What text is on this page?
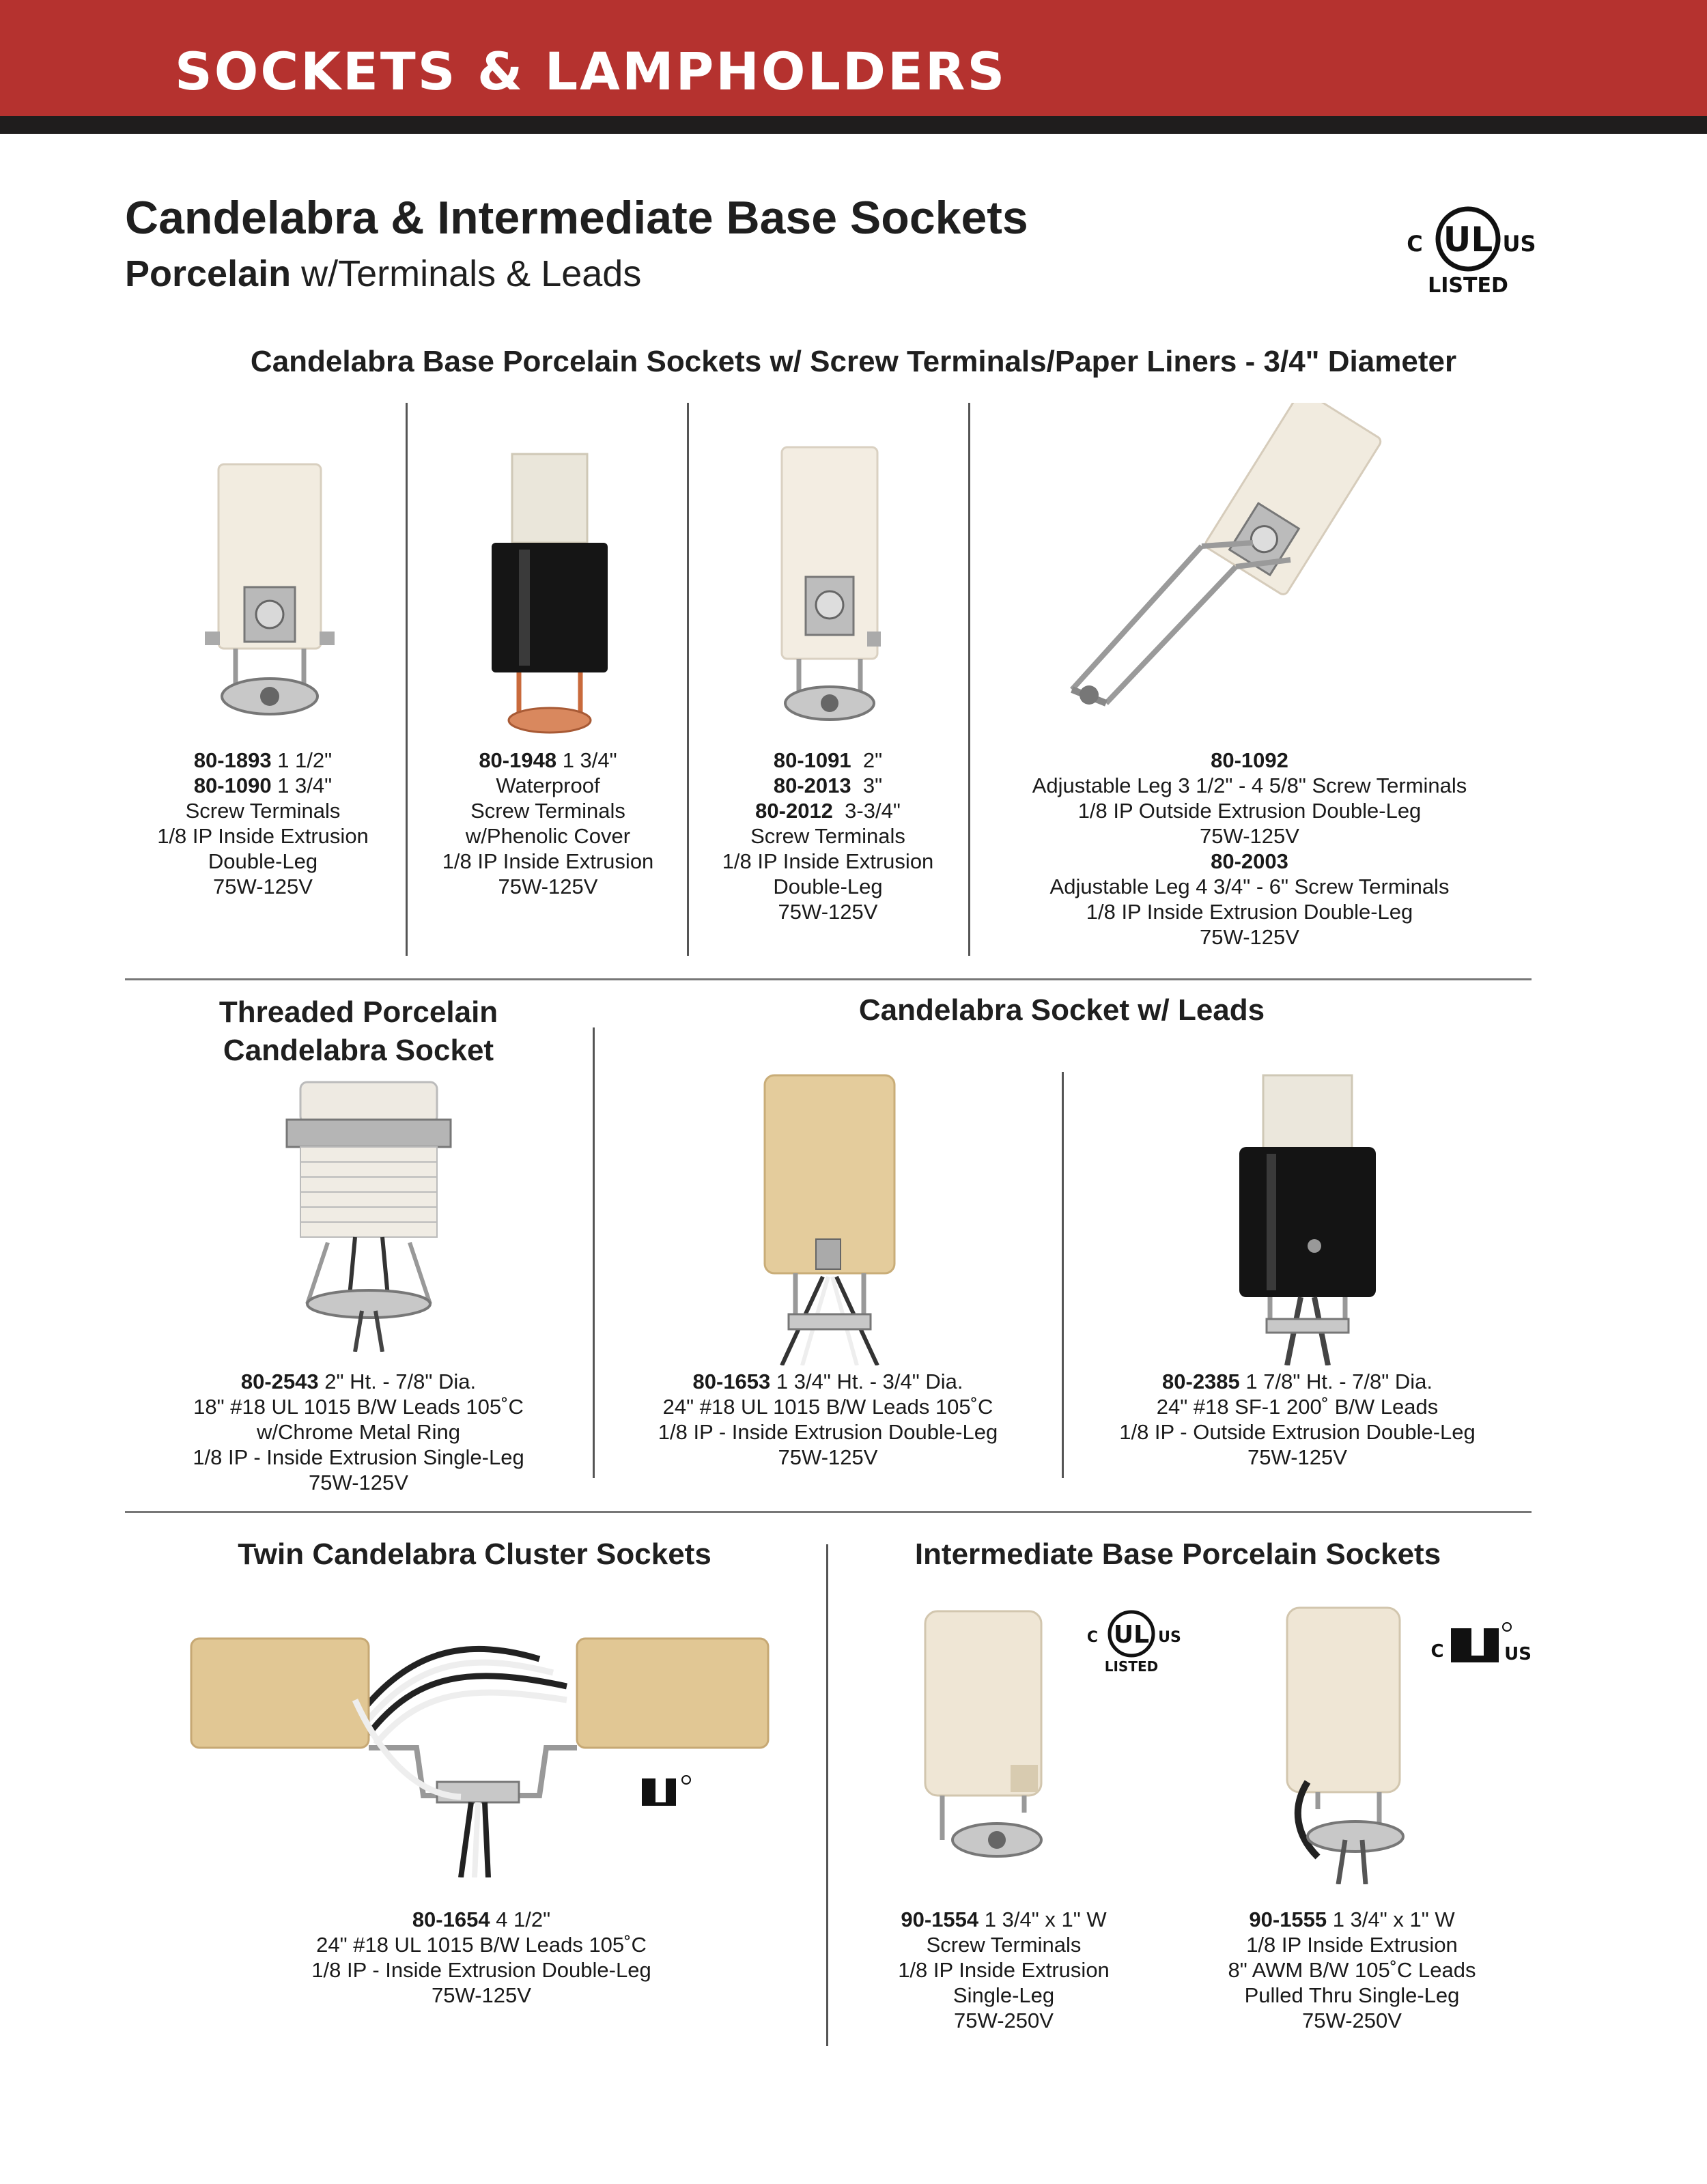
SOCKETS & LAMPHOLDERS
Candelabra & Intermediate Base Sockets
Porcelain w/Terminals & Leads
UL
C	US
LISTED
Candelabra Base Porcelain Sockets w/ Screw Terminals/Paper Liners - 3/4" Diameter
80-1893 1 1/2"
80-1090 1 3/4"
Screw Terminals
1/8 IP Inside Extrusion
Double-Leg
75W-125V
80-1948 1 3/4"
Waterproof
Screw Terminals
w/Phenolic Cover
1/8 IP Inside Extrusion
75W-125V
80-1091  2"
80-2013  3"
80-2012  3-3/4"
Screw Terminals
1/8 IP Inside Extrusion
Double-Leg
75W-125V
80-1092
Adjustable Leg 3 1/2" - 4 5/8" Screw Terminals
1/8 IP Outside Extrusion Double-Leg
75W-125V
80-2003
Adjustable Leg 4 3/4" - 6" Screw Terminals
1/8 IP Inside Extrusion Double-Leg
75W-125V
Threaded Porcelain
Candelabra Socket
Candelabra Socket w/ Leads
80-2543 2" Ht. - 7/8" Dia.
18" #18 UL 1015 B/W Leads 105˚C
w/Chrome Metal Ring
1/8 IP - Inside Extrusion Single-Leg
75W-125V
80-1653 1 3/4" Ht. - 3/4" Dia.
24" #18 UL 1015 B/W Leads 105˚C
1/8 IP - Inside Extrusion Double-Leg
75W-125V
80-2385 1 7/8" Ht. - 7/8" Dia.
24" #18 SF-1 200˚ B/W Leads
1/8 IP - Outside Extrusion Double-Leg
75W-125V
Twin Candelabra Cluster Sockets	Intermediate Base Porcelain Sockets
UL
C	US
LISTED
C	US
80-1654 4 1/2"
24" #18 UL 1015 B/W Leads 105˚C
1/8 IP - Inside Extrusion Double-Leg
75W-125V
90-1554 1 3/4" x 1" W
Screw Terminals
1/8 IP Inside Extrusion
Single-Leg
75W-250V
90-1555 1 3/4" x 1" W
1/8 IP Inside Extrusion
8" AWM B/W 105˚C Leads
Pulled Thru Single-Leg
75W-250V
